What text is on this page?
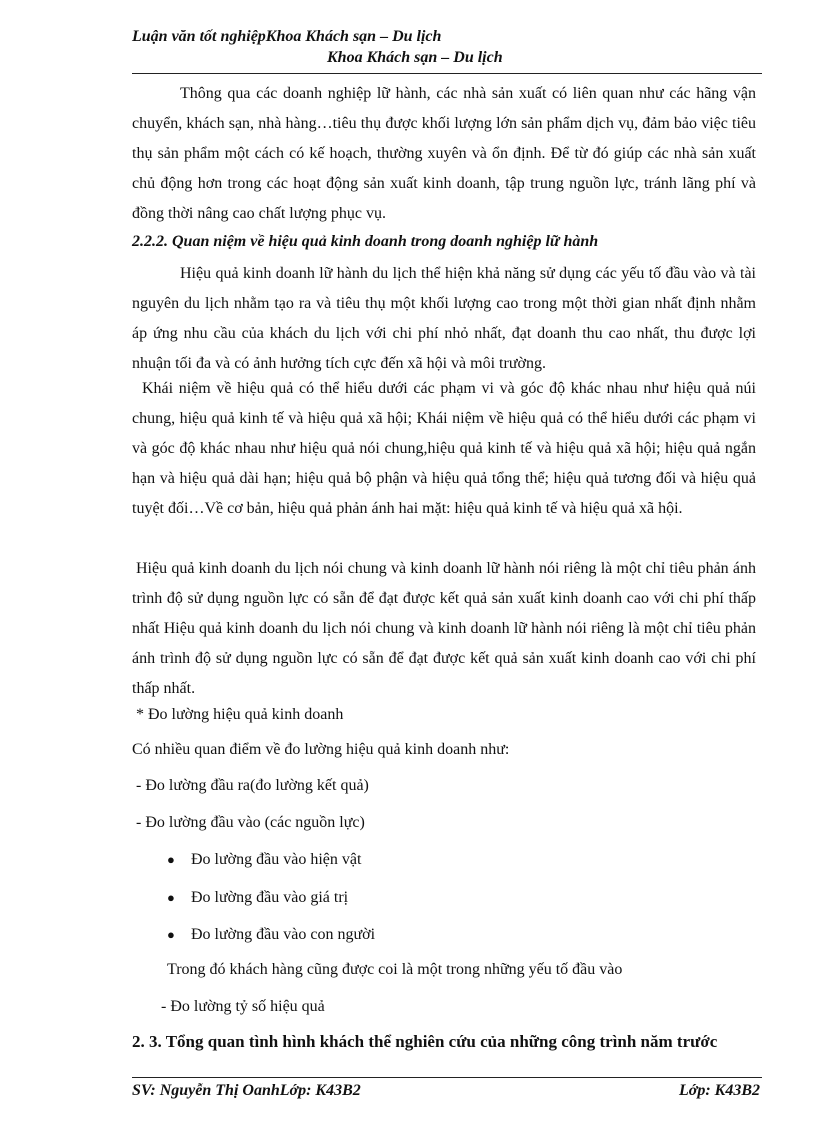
Luận văn tốt nghiệpKhoa Khách sạn – Du lịch
Khoa Khách sạn – Du lịch
Thông qua các doanh nghiệp lữ hành, các nhà sản xuất có liên quan như các hãng vận chuyển, khách sạn, nhà hàng…tiêu thụ được khối lượng lớn sản phẩm dịch vụ, đảm bảo việc tiêu thụ sản phẩm một cách có kế hoạch, thường xuyên và ổn định. Để từ đó giúp các nhà sản xuất chủ động hơn trong các hoạt động sản xuất kinh doanh, tập trung nguồn lực, tránh lãng phí và đồng thời nâng cao chất lượng phục vụ.
2.2.2. Quan niệm về hiệu quả kinh doanh trong doanh nghiệp lữ hành
Hiệu quả kinh doanh lữ hành du lịch thể hiện khả năng sử dụng các yếu tố đầu vào và tài nguyên du lịch nhằm tạo ra và tiêu thụ một khối lượng cao trong một thời gian nhất định nhằm áp ứng nhu cầu của khách du lịch với chi phí nhỏ nhất, đạt doanh thu cao nhất, thu được lợi nhuận tối đa và có ảnh hưởng tích cực đến xã hội và môi trường.
Khái niệm về hiệu quả có thể hiểu dưới các phạm vi và góc độ khác nhau như hiệu quả núi chung, hiệu quả kinh tế và hiệu quả xã hội; Khái niệm về hiệu quả có thể hiểu dưới các phạm vi và góc độ khác nhau như hiệu quả nói chung,hiệu quả kinh tế và hiệu quả xã hội; hiệu quả ngắn hạn và hiệu quả dài hạn; hiệu quả bộ phận và hiệu quả tổng thể; hiệu quả tương đối và hiệu quả tuyệt đối…Về cơ bản, hiệu quả phản ánh hai mặt: hiệu quả kinh tế và hiệu quả xã hội.
Hiệu quả kinh doanh du lịch nói chung và kinh doanh lữ hành nói riêng là một chỉ tiêu phản ánh trình độ sử dụng nguồn lực có sẵn để đạt được kết quả sản xuất kinh doanh cao với chi phí thấp nhất Hiệu quả kinh doanh du lịch nói chung và kinh doanh lữ hành nói riêng là một chỉ tiêu phản ánh trình độ sử dụng nguồn lực có sẵn để đạt được kết quả sản xuất kinh doanh cao với chi phí thấp nhất.
* Đo lường hiệu quả kinh doanh
Có nhiều quan điểm về đo lường hiệu quả kinh doanh như:
- Đo lường đầu ra(đo lường kết quả)
- Đo lường đầu vào (các nguồn lực)
● Đo lường đầu vào hiện vật
● Đo lường đầu vào giá trị
● Đo lường đầu vào con người
Trong đó khách hàng cũng được coi là một trong những yếu tố đầu vào
- Đo lường tỷ số hiệu quả
2. 3. Tổng quan tình hình khách thể nghiên cứu của những công trình năm trước
SV: Nguyễn Thị OanhLớp: K43B2	Lớp: K43B2
